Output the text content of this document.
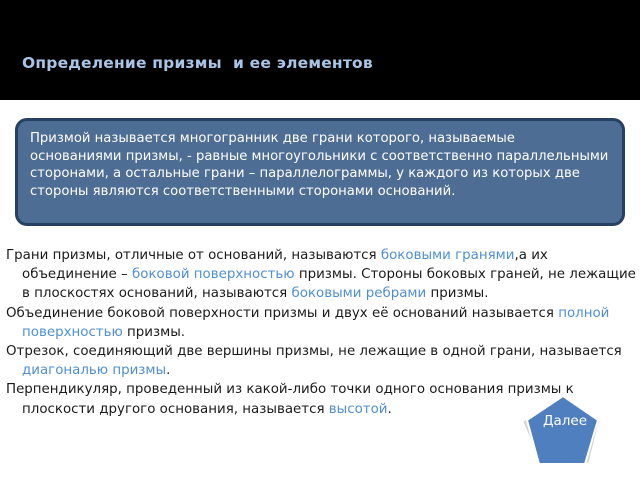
Определение призмы  и ее элементов
Призмой называется многогранник две грани которого, называемые основаниями призмы, - равные многоугольники с соответственно параллельными сторонами, а остальные грани – параллелограммы, у каждого из которых две стороны являются соответственными сторонами оснований.

Грани призмы, отличные от оснований, называются боковыми гранями,а их объединение – боковой поверхностью призмы. Стороны боковых граней, не лежащие в плоскостях оснований, называются боковыми ребрами призмы.

Объединение боковой поверхности призмы и двух её оснований называется полной поверхностью призмы.

Отрезок, соединяющий две вершины призмы, не лежащие в одной грани, называется диагональю призмы.

Перпендикуляр, проведенный из какой-либо точки одного основания призмы к плоскости другого основания, называется высотой.

Далее
